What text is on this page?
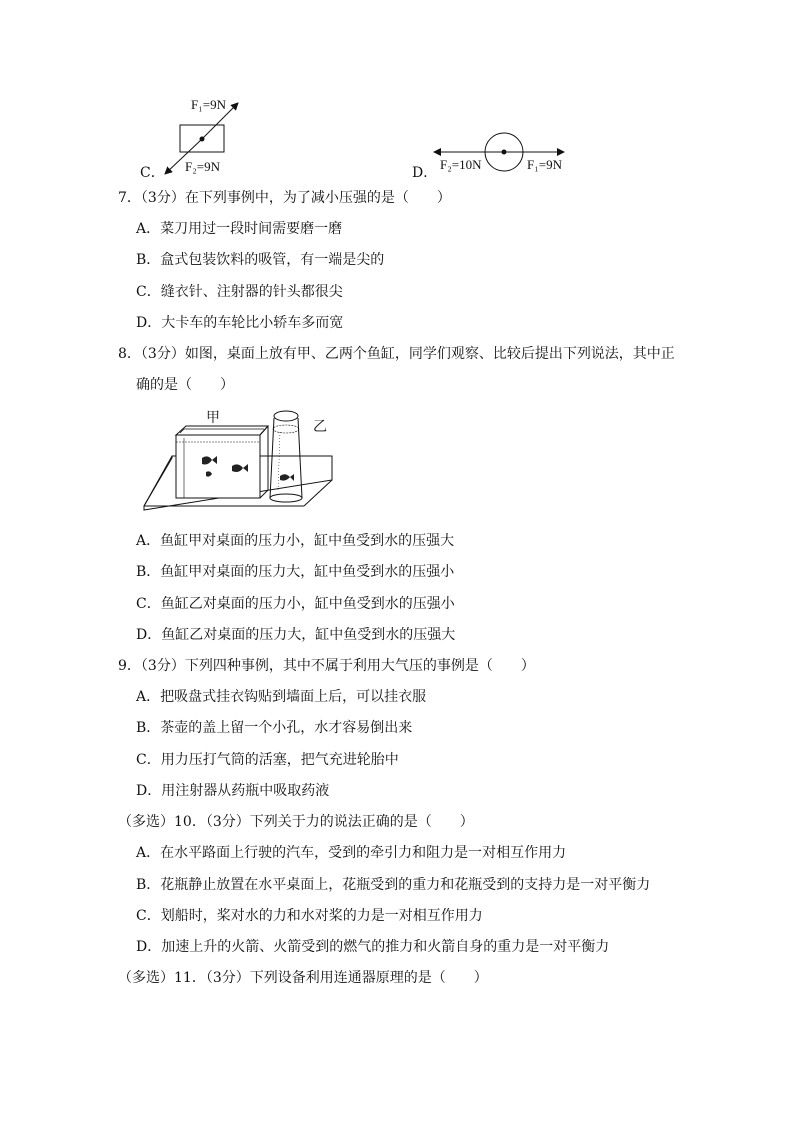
C．
F₁=9N
F₂=9N	D．
F₂=10N	F₁=9N
7．（3分）在下列事例中，为了减小压强的是（　　）
A．菜刀用过一段时间需要磨一磨
B．盒式包装饮料的吸管，有一端是尖的
C．缝衣针、注射器的针头都很尖
D．大卡车的车轮比小轿车多而宽
8．（3分）如图，桌面上放有甲、乙两个鱼缸，同学们观察、比较后提出下列说法，其中正
确的是（　　）
甲
乙
A．鱼缸甲对桌面的压力小，缸中鱼受到水的压强大
B．鱼缸甲对桌面的压力大，缸中鱼受到水的压强小
C．鱼缸乙对桌面的压力小，缸中鱼受到水的压强小
D．鱼缸乙对桌面的压力大，缸中鱼受到水的压强大
9．（3分）下列四种事例，其中不属于利用大气压的事例是（　　）
A．把吸盘式挂衣钩贴到墙面上后，可以挂衣服
B．茶壶的盖上留一个小孔，水才容易倒出来
C．用力压打气筒的活塞，把气充进轮胎中
D．用注射器从药瓶中吸取药液
（多选）10．（3分）下列关于力的说法正确的是（　　）
A．在水平路面上行驶的汽车，受到的牵引力和阻力是一对相互作用力
B．花瓶静止放置在水平桌面上，花瓶受到的重力和花瓶受到的支持力是一对平衡力
C．划船时，桨对水的力和水对桨的力是一对相互作用力
D．加速上升的火箭、火箭受到的燃气的推力和火箭自身的重力是一对平衡力
（多选）11．（3分）下列设备利用连通器原理的是（　　）
